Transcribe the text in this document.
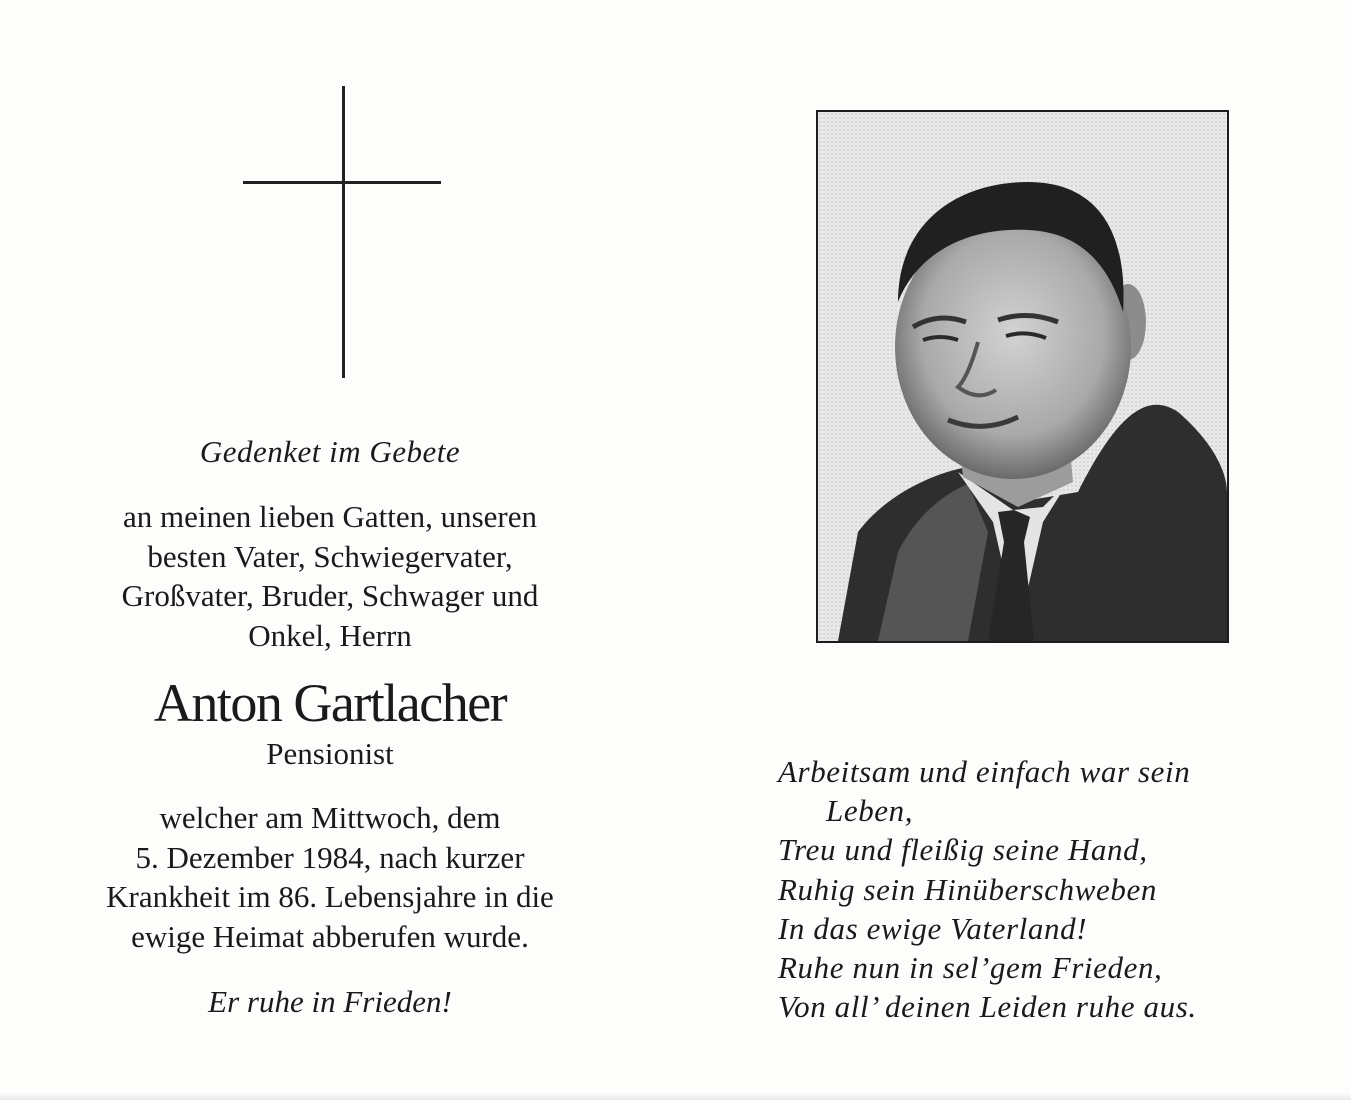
Gedenket im Gebete
an meinen lieben Gatten, unseren
besten Vater, Schwiegervater,
Großvater, Bruder, Schwager und
Onkel, Herrn
Anton Gartlacher
Pensionist
welcher am Mittwoch, dem
5. Dezember 1984, nach kurzer
Krankheit im 86. Lebensjahre in die
ewige Heimat abberufen wurde.
Er ruhe in Frieden!
Arbeitsam und einfach war sein
Leben,
Treu und fleißig seine Hand,
Ruhig sein Hinüberschweben
In das ewige Vaterland!
Ruhe nun in sel’gem Frieden,
Von all’ deinen Leiden ruhe aus.
